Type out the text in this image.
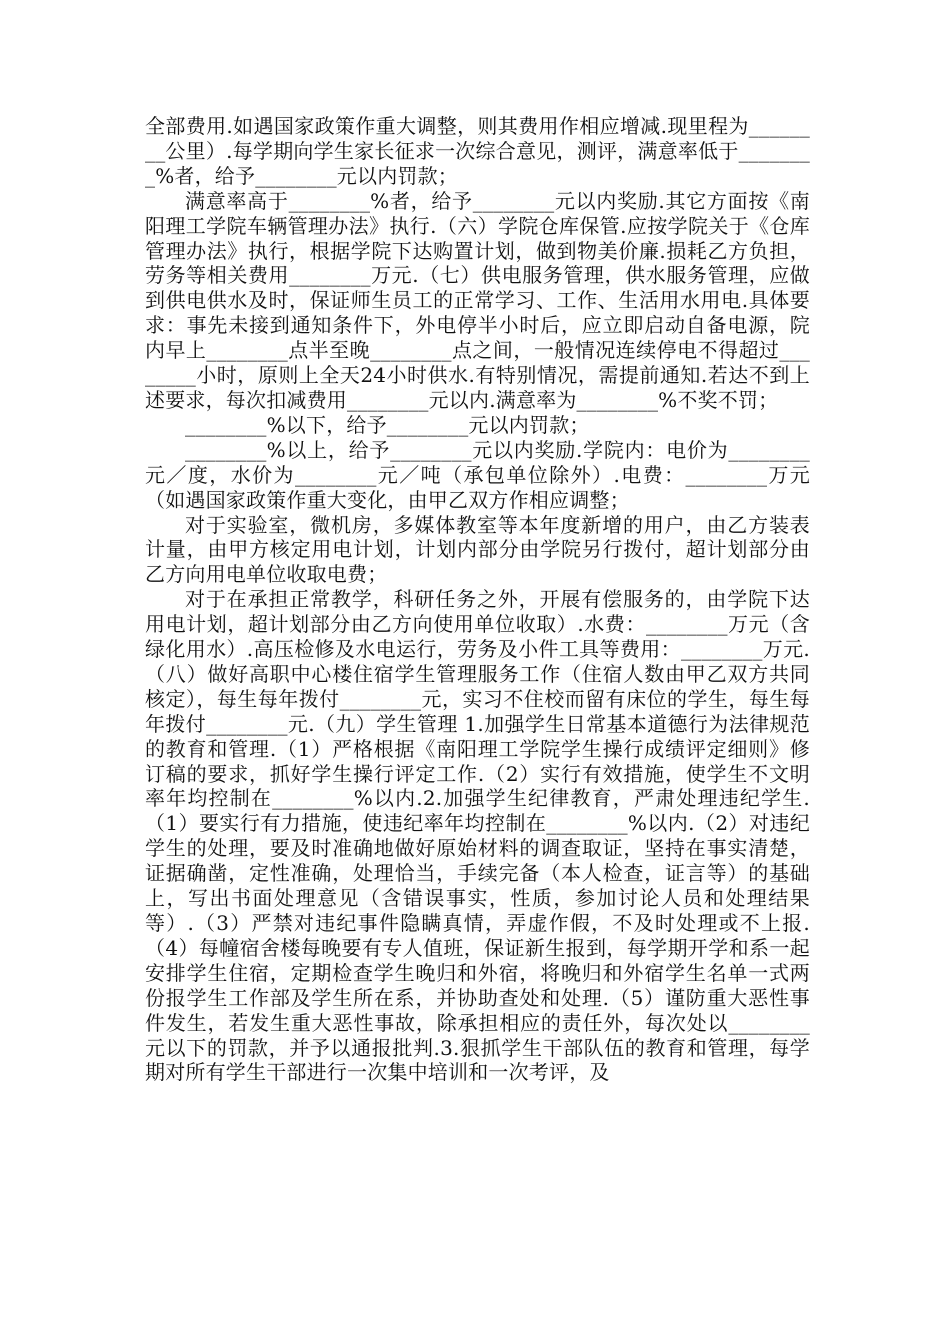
全部费用.如遇国家政策作重大调整，则其费用作相应增减.现里程为________公里）.每学期向学生家长征求一次综合意见，测评，满意率低于________%者，给予________元以内罚款；

满意率高于________%者，给予________元以内奖励.其它方面按《南阳理工学院车辆管理办法》执行.（六）学院仓库保管.应按学院关于《仓库管理办法》执行，根据学院下达购置计划，做到物美价廉.损耗乙方负担，劳务等相关费用________万元.（七）供电服务管理，供水服务管理，应做到供电供水及时，保证师生员工的正常学习、工作、生活用水用电.具体要求：事先未接到通知条件下，外电停半小时后，应立即启动自备电源，院内早上________点半至晚________点之间，一般情况连续停电不得超过________小时，原则上全天24小时供水.有特别情况，需提前通知.若达不到上述要求，每次扣减费用________元以内.满意率为________%不奖不罚；

________%以下，给予________元以内罚款；

________%以上，给予________元以内奖励.学院内：电价为________元／度，水价为________元／吨（承包单位除外）.电费：________万元（如遇国家政策作重大变化，由甲乙双方作相应调整；

对于实验室，微机房，多媒体教室等本年度新增的用户，由乙方装表计量，由甲方核定用电计划，计划内部分由学院另行拨付，超计划部分由乙方向用电单位收取电费；

对于在承担正常教学，科研任务之外，开展有偿服务的，由学院下达用电计划，超计划部分由乙方向使用单位收取）.水费：________万元（含绿化用水）.高压检修及水电运行，劳务及小件工具等费用：________万元.（八）做好高职中心楼住宿学生管理服务工作（住宿人数由甲乙双方共同核定），每生每年拨付________元，实习不住校而留有床位的学生，每生每年拨付________元.（九）学生管理 1.加强学生日常基本道德行为法律规范的教育和管理.（1）严格根据《南阳理工学院学生操行成绩评定细则》修订稿的要求，抓好学生操行评定工作.（2）实行有效措施，使学生不文明率年均控制在________%以内.2.加强学生纪律教育，严肃处理违纪学生.（1）要实行有力措施，使违纪率年均控制在________%以内.（2）对违纪学生的处理，要及时准确地做好原始材料的调查取证，坚持在事实清楚，证据确凿，定性准确，处理恰当，手续完备（本人检查，证言等）的基础上，写出书面处理意见（含错误事实，性质，参加讨论人员和处理结果等）.（3）严禁对违纪事件隐瞒真情，弄虚作假，不及时处理或不上报.（4）每幢宿舍楼每晚要有专人值班，保证新生报到，每学期开学和系一起安排学生住宿，定期检查学生晚归和外宿，将晚归和外宿学生名单一式两份报学生工作部及学生所在系，并协助查处和处理.（5）谨防重大恶性事件发生，若发生重大恶性事故，除承担相应的责任外，每次处以________元以下的罚款，并予以通报批判.3.狠抓学生干部队伍的教育和管理，每学期对所有学生干部进行一次集中培训和一次考评，及
